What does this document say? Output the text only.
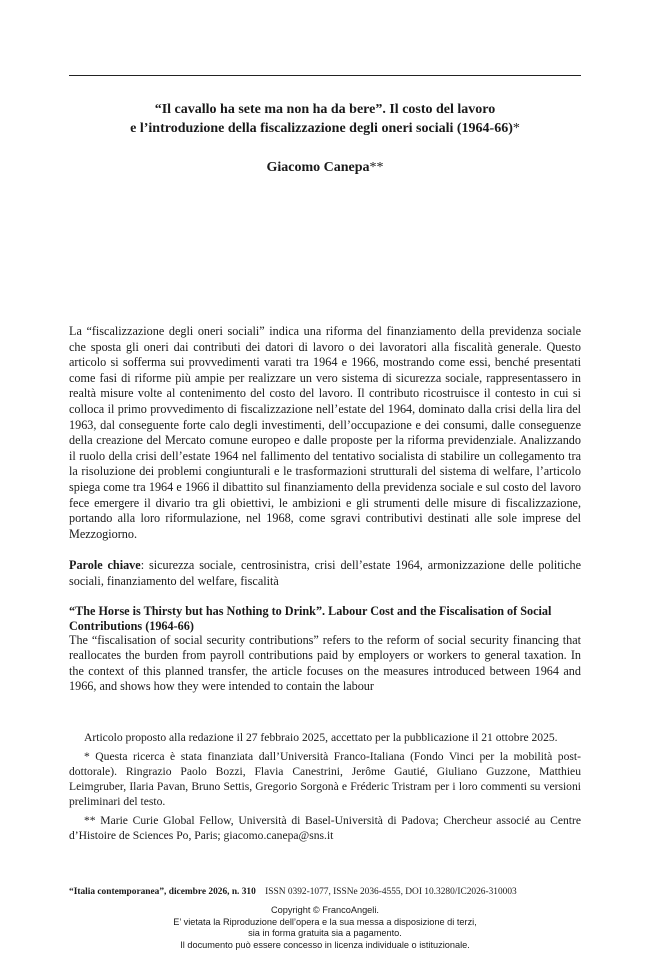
“Il cavallo ha sete ma non ha da bere”. Il costo del lavoro
e l’introduzione della fiscalizzazione degli oneri sociali (1964-66)*
Giacomo Canepa**

La “fiscalizzazione degli oneri sociali” indica una riforma del finanziamento della previdenza sociale che sposta gli oneri dai contributi dei datori di lavoro o dei lavoratori alla fiscalità generale. Questo articolo si sofferma sui provvedimenti varati tra 1964 e 1966, mostrando come essi, benché presentati come fasi di riforme più ampie per realizzare un vero sistema di sicurezza sociale, rappresentassero in realtà misure volte al contenimento del costo del lavoro. Il contributo ricostruisce il contesto in cui si colloca il primo provvedimento di fiscalizzazione nell’estate del 1964, dominato dalla crisi della lira del 1963, dal conseguente forte calo degli investimenti, dell’occupazione e dei consumi, dalle conseguenze della creazione del Mercato comune europeo e dalle proposte per la riforma previdenziale. Analizzando il ruolo della crisi dell’estate 1964 nel fallimento del tentativo socialista di stabilire un collegamento tra la risoluzione dei problemi congiunturali e le trasformazioni strutturali del sistema di welfare, l’articolo spiega come tra 1964 e 1966 il dibattito sul finanziamento della previdenza sociale e sul costo del lavoro fece emergere il divario tra gli obiettivi, le ambizioni e gli strumenti delle misure di fiscalizzazione, portando alla loro riformulazione, nel 1968, come sgravi contributivi destinati alle sole imprese del Mezzogiorno.

Parole chiave: sicurezza sociale, centrosinistra, crisi dell’estate 1964, armonizzazione delle politiche sociali, finanziamento del welfare, fiscalità

“The Horse is Thirsty but has Nothing to Drink”. Labour Cost and the Fiscalisation of Social Contributions (1964-66)

The “fiscalisation of social security contributions” refers to the reform of social security financing that reallocates the burden from payroll contributions paid by employers or workers to general taxation. In the context of this planned transfer, the article focuses on the measures introduced between 1964 and 1966, and shows how they were intended to contain the labour

Articolo proposto alla redazione il 27 febbraio 2025, accettato per la pubblicazione il 21 ottobre 2025.

* Questa ricerca è stata finanziata dall’Università Franco-Italiana (Fondo Vinci per la mobilità post-dottorale). Ringrazio Paolo Bozzi, Flavia Canestrini, Jerôme Gautié, Giuliano Guzzone, Matthieu Leimgruber, Ilaria Pavan, Bruno Settis, Gregorio Sorgonà e Fréderic Tristram per i loro commenti su versioni preliminari del testo.

** Marie Curie Global Fellow, Università di Basel-Università di Padova; Chercheur associé au Centre d’Histoire de Sciences Po, Paris; giacomo.canepa@sns.it

“Italia contemporanea”, dicembre 2026, n. 310 ISSN 0392-1077, ISSNe 2036-4555, DOI 10.3280/IC2026-310003
Copyright © FrancoAngeli.
E’ vietata la Riproduzione dell’opera e la sua messa a disposizione di terzi,
sia in forma gratuita sia a pagamento.
Il documento può essere concesso in licenza individuale o istituzionale.
